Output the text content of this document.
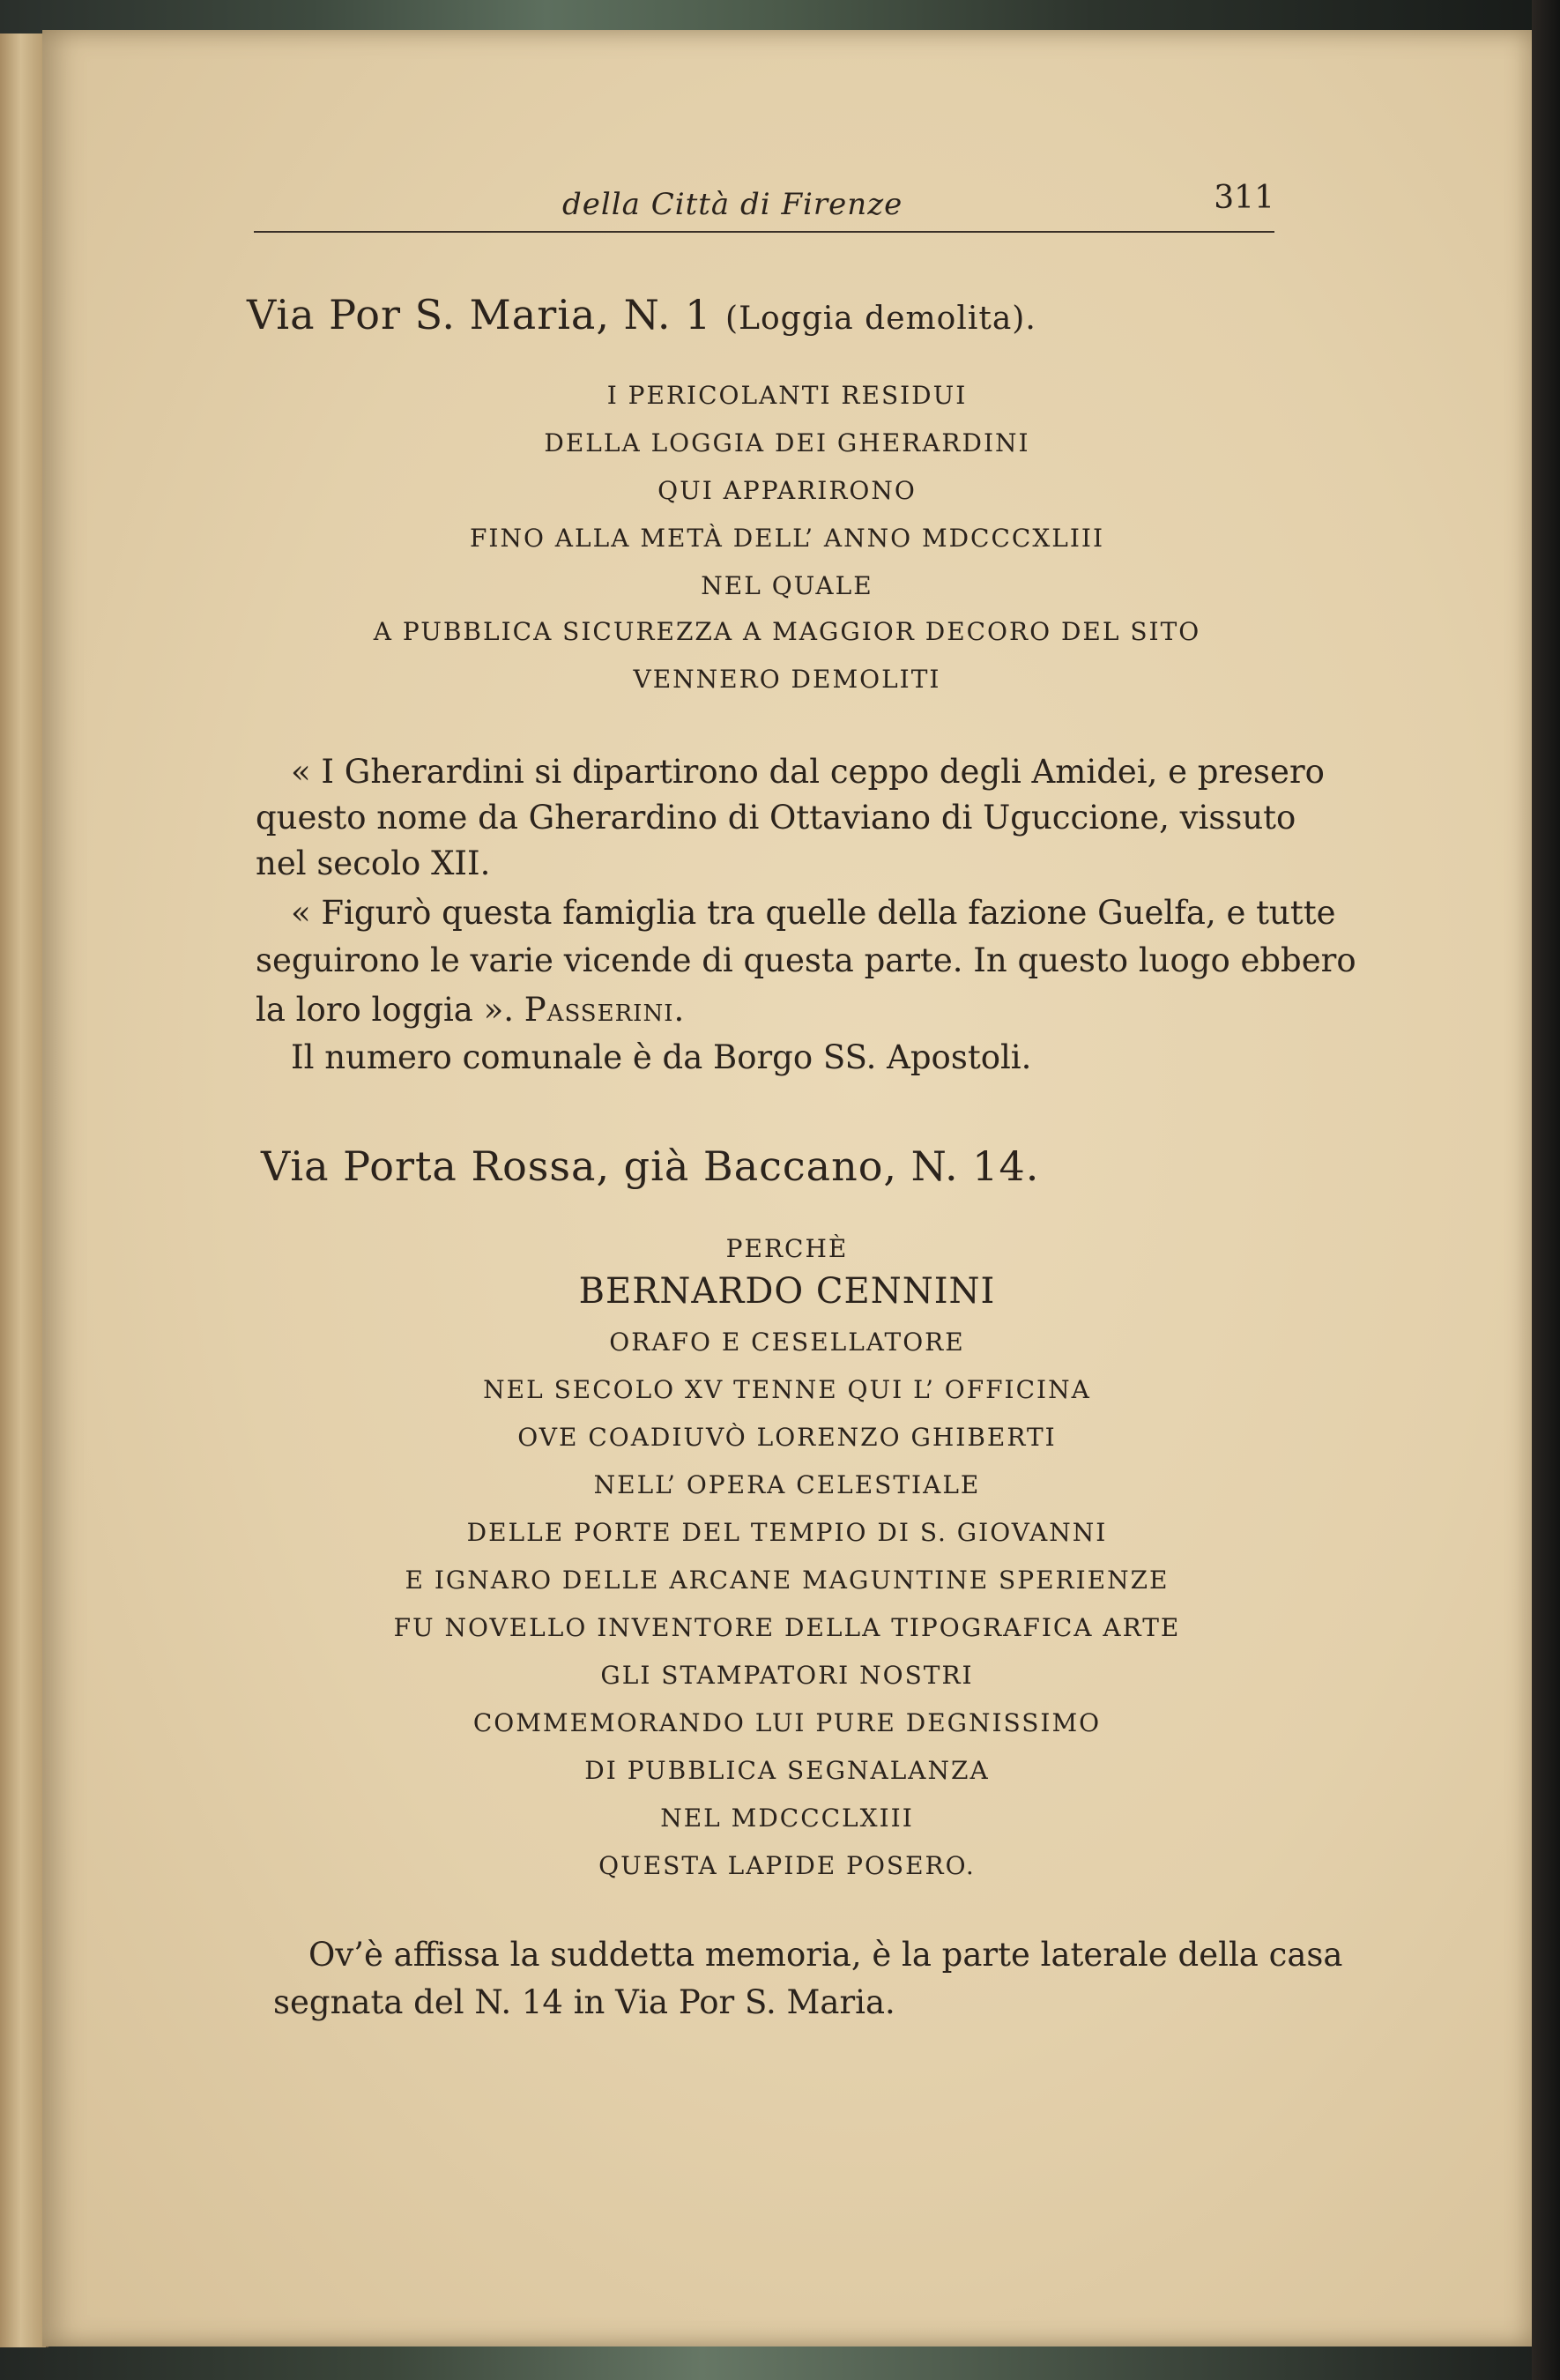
della Città di Firenze	311
Via Por S. Maria, N. 1 (Loggia demolita).
I PERICOLANTI RESIDUI
DELLA LOGGIA DEI GHERARDINI
QUI APPARIRONO
FINO ALLA METÀ DELL’ ANNO MDCCCXLIII
NEL QUALE
A PUBBLICA SICUREZZA A MAGGIOR DECORO DEL SITO
VENNERO DEMOLITI
« I Gherardini si dipartirono dal ceppo degli Amidei, e presero
questo nome da Gherardino di Ottaviano di Uguccione, vissuto
nel secolo XII.
« Figurò questa famiglia tra quelle della fazione Guelfa, e tutte
seguirono le varie vicende di questa parte. In questo luogo ebbero
la loro loggia ». Passerini.
Il numero comunale è da Borgo SS. Apostoli.
Via Porta Rossa, già Baccano, N. 14.
PERCHÈ
BERNARDO CENNINI
ORAFO E CESELLATORE
NEL SECOLO XV TENNE QUI L’ OFFICINA
OVE COADIUVÒ LORENZO GHIBERTI
NELL’ OPERA CELESTIALE
DELLE PORTE DEL TEMPIO DI S. GIOVANNI
E IGNARO DELLE ARCANE MAGUNTINE SPERIENZE
FU NOVELLO INVENTORE DELLA TIPOGRAFICA ARTE
GLI STAMPATORI NOSTRI
COMMEMORANDO LUI PURE DEGNISSIMO
DI PUBBLICA SEGNALANZA
NEL MDCCCLXIII
QUESTA LAPIDE POSERO.
Ov’è affissa la suddetta memoria, è la parte laterale della casa
segnata del N. 14 in Via Por S. Maria.
